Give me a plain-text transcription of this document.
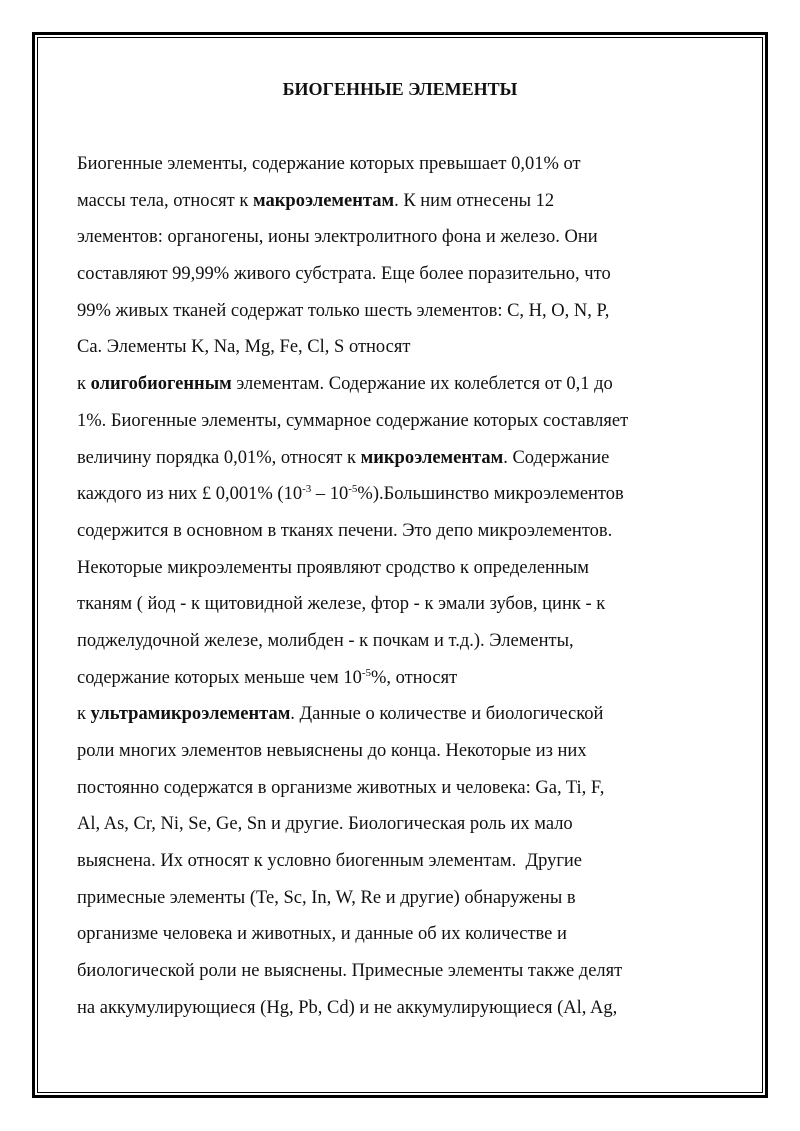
БИОГЕННЫЕ ЭЛЕМЕНТЫ
Биогенные элементы, содержание которых превышает 0,01% от
массы тела, относят к макроэлементам. К ним отнесены 12
элементов: органогены, ионы электролитного фона и железо. Они
составляют 99,99% живого субстрата. Еще более поразительно, что
99% живых тканей содержат только шесть элементов: C, H, O, N, P,
Ca. Элементы K, Na, Mg, Fe, Cl, S относят
к олигобиогенным элементам. Содержание их колеблется от 0,1 до
1%. Биогенные элементы, суммарное содержание которых составляет
величину порядка 0,01%, относят к микроэлементам. Содержание
каждого из них £ 0,001% ($10^{-3}$ – $10^{-5}\%).Большинство$ микроэлементов
содержится в основном в тканях печени. Это депо микроэлементов.
Некоторые микроэлементы проявляют сродство к определенным
тканям ( йод - к щитовидной железе, фтор - к эмали зубов, цинк - к
поджелудочной железе, молибден - к почкам и т.д.). Элементы,
содержание которых меньше чем $10^{-5}\%$, относят
к ультрамикроэлементам. Данные о количестве и биологической
роли многих элементов невыяснены до конца. Некоторые из них
постоянно содержатся в организме животных и человека: Ga, Ti, F,
Al, As, Cr, Ni, Se, Ge, Sn и другие. Биологическая роль их мало
выяснена. Их относят к условно биогенным элементам.  Другие
примесные элементы (Te, Sc, In, W, Re и другие) обнаружены в
организме человека и животных, и данные об их количестве и
биологической роли не выяснены. Примесные элементы также делят
на аккумулирующиеся (Hg, Pb, Cd) и не аккумулирующиеся (Al, Ag,
